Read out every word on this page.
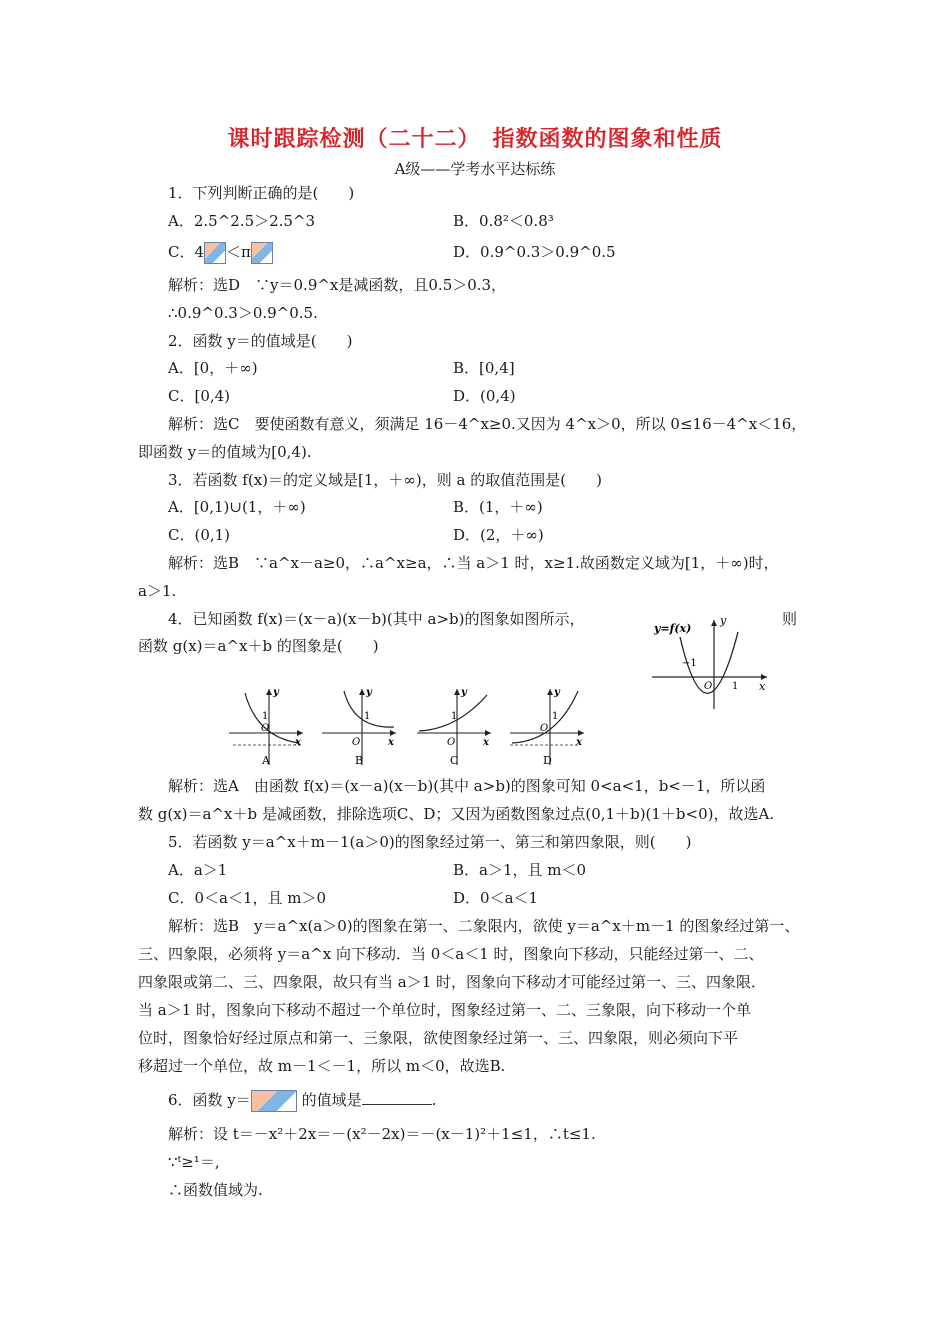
课时跟踪检测（二十二）　指数函数的图象和性质
A级——学考水平达标练
1．下列判断正确的是(　　)
A．2.5^2.5＞2.5^3	B．0.8²＜0.8³
C．4 ＜π	D．0.9^0.3＞0.9^0.5
解析：选D　∵y＝0.9^x是减函数，且0.5＞0.3，
∴0.9^0.3＞0.9^0.5.
2．函数 y＝的值域是(　　)
A．[0，＋∞)	B．[0,4]
C．[0,4)	D．(0,4)
解析：选C　要使函数有意义，须满足 16－4^x≥0.又因为 4^x＞0，所以 0≤16－4^x＜16，
即函数 y＝的值域为[0,4).
3．若函数 f(x)＝的定义域是[1，＋∞)，则 a 的取值范围是(　　)
A．[0,1)∪(1，＋∞)	B．(1，＋∞)
C．(0,1)	D．(2，＋∞)
解析：选B　∵a^x－a≥0，∴a^x≥a，∴当 a＞1 时，x≥1.故函数定义域为[1，＋∞)时，
a＞1.
4．已知函数 f(x)＝(x－a)(x－b)(其中 a>b)的图象如图所示，	则
函数 g(x)＝a^x＋b 的图象是(　　)
y=f(x)
y
x
−1
O 1
y
x
O
1
A
y
x
O
1
B
y
x
O
1
C
y
x
O
1
D
解析：选A　由函数 f(x)＝(x－a)(x－b)(其中 a>b)的图象可知 0<a<1，b<－1，所以函
数 g(x)＝a^x＋b 是减函数，排除选项C、D；又因为函数图象过点(0,1＋b)(1＋b<0)，故选A.
5．若函数 y＝a^x＋m－1(a＞0)的图象经过第一、第三和第四象限，则(　　)
A．a＞1	B．a＞1，且 m＜0
C．0＜a＜1，且 m＞0	D．0＜a＜1
解析：选B　y＝a^x(a＞0)的图象在第一、二象限内，欲使 y＝a^x＋m－1 的图象经过第一、
三、四象限，必须将 y＝a^x 向下移动．当 0＜a＜1 时，图象向下移动，只能经过第一、二、
四象限或第二、三、四象限，故只有当 a＞1 时，图象向下移动才可能经过第一、三、四象限．
当 a＞1 时，图象向下移动不超过一个单位时，图象经过第一、二、三象限，向下移动一个单
位时，图象恰好经过原点和第一、三象限，欲使图象经过第一、三、四象限，则必须向下平
移超过一个单位，故 m－1＜－1，所以 m＜0，故选B.
6．函数 y＝	的值域是	.
解析：设 t＝－x²＋2x＝－(x²－2x)＝－(x－1)²＋1≤1，∴t≤1.
∵ᵗ≥¹＝,
∴函数值域为.
